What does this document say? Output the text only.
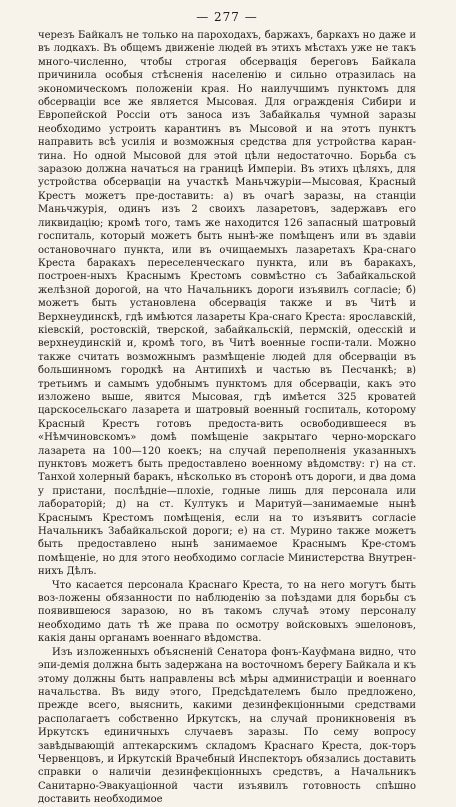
— 277 —

черезъ Байкалъ не только на пароходахъ, баржахъ, баркахъ но даже и въ лодкахъ. Въ общемъ движеніе людей въ этихъ мѣстахъ уже не такъ много-численно, чтобы строгая обсервація береговъ Байкала причинила особыя стѣсненія населенію и сильно отразилась на экономическомъ положеніи края. Но наилучшимъ пунктомъ для обсерваціи все же является Мысовая. Для огражденія Сибири и Европейской Россіи отъ заноса изъ Забайкалья чумной заразы необходимо устроить карантинъ въ Мысовой и на этотъ пунктъ направить всѣ усилія и возможныя средства для устройства каран-тина. Но одной Мысовой для этой цѣли недостаточно. Борьба съ заразою должна начаться на границѣ Имперіи. Въ этихъ цѣляхъ, для устройства обсерваціи на участкѣ Маньчжуріи—Мысовая, Красный Крестъ можетъ пре-доставить: а) въ очагѣ заразы, на станціи Маньчжурія, одинъ изъ 2 своихъ лазаретовъ, задержавъ его ликвидацію; кромѣ того, тамъ же находится 126 запасный шатровый госпиталь, который можетъ быть нынѣ-же помѣщенъ или въ здавіи остановочнаго пункта, или въ очищаемыхъ лазаретахъ Кра-снаго Креста баракахъ переселенческаго пункта, или въ баракахъ, построен-ныхъ Краснымъ Крестомъ совмѣстно съ Забайкальской желѣзной дорогой, на что Начальникъ дороги изъявилъ согласіе; б) можетъ быть установлена обсервація также и въ Читѣ и Верхнеудинскѣ, гдѣ имѣются лазареты Кра-снаго Креста: ярославскій, кіевскій, ростовскій, тверской, забайкальскій, пермскій, одесскій и верхнеудинскій и, кромѣ того, въ Читѣ военные госпи-тали. Можно также считать возможнымъ размѣщеніе людей для обсерваціи въ большинномъ городкѣ на Антипихѣ и частью въ Песчанкѣ; в) третьимъ и самымъ удобнымъ пунктомъ для обсерваціи, какъ это изложено выше, явится Мысовая, гдѣ имѣется 325 кроватей царскосельскаго лазарета и шатровый военный госпиталь, которому Красный Крестъ готовъ предоста-вить освободившееся въ «Нѣмчиновскомъ» домѣ помѣщеніе закрытаго черно-морскаго лазарета на 100—120 коекъ; на случай переполненія указанныхъ пунктовъ можетъ быть предоставлено военному вѣдомству: г) на ст. Танхой холерный баракъ, нѣсколько въ сторонѣ отъ дороги, и два дома у пристани, послѣдніе—плохіе, годные лишь для персонала или лабораторій; д) на ст. Култукъ и Маритуй—занимаемые нынѣ Краснымъ Крестомъ помѣщенія, если на то изъявитъ согласіе Начальникъ Забайкальской дороги; е) на ст. Мурино также можетъ быть предоставлено нынѣ занимаемое Краснымъ Кре-стомъ помѣщеніе, но для этого необходимо согласіе Министерства Внутрен-нихъ Дѣлъ.

Что касается персонала Краснаго Креста, то на него могутъ быть воз-ложены обязанности по наблюденію за поѣздами для борьбы съ появившеюся заразою, но въ такомъ случаѣ этому персоналу необходимо дать тѣ же права по осмотру войсковыхъ эшелоновъ, какія даны органамъ военнаго вѣдомства.

Изъ изложенныхъ объясненій Сенатора фонъ-Кауфмана видно, что эпи-демія должна быть задержана на восточномъ берегу Байкала и къ этому должны быть направлены всѣ мѣры администраціи и военнаго начальства. Въ виду этого, Предсѣдателемъ было предложено, прежде всего, выяснить, какими дезинфекціонными средствами располагаетъ собственно Иркутскъ, на случай проникновенія въ Иркутскъ единичныхъ случаевъ заразы. По сему вопросу завѣдывающій аптекарскимъ складомъ Краснаго Креста, док-торъ Червенцовъ, и Иркутскій Врачебный Инспекторъ обязались доставить справки о наличіи дезинфекціонныхъ средствъ, а Начальникъ Санитарно-Эвакуаціонной части изъявилъ готовность спѣшно доставить необходимое
